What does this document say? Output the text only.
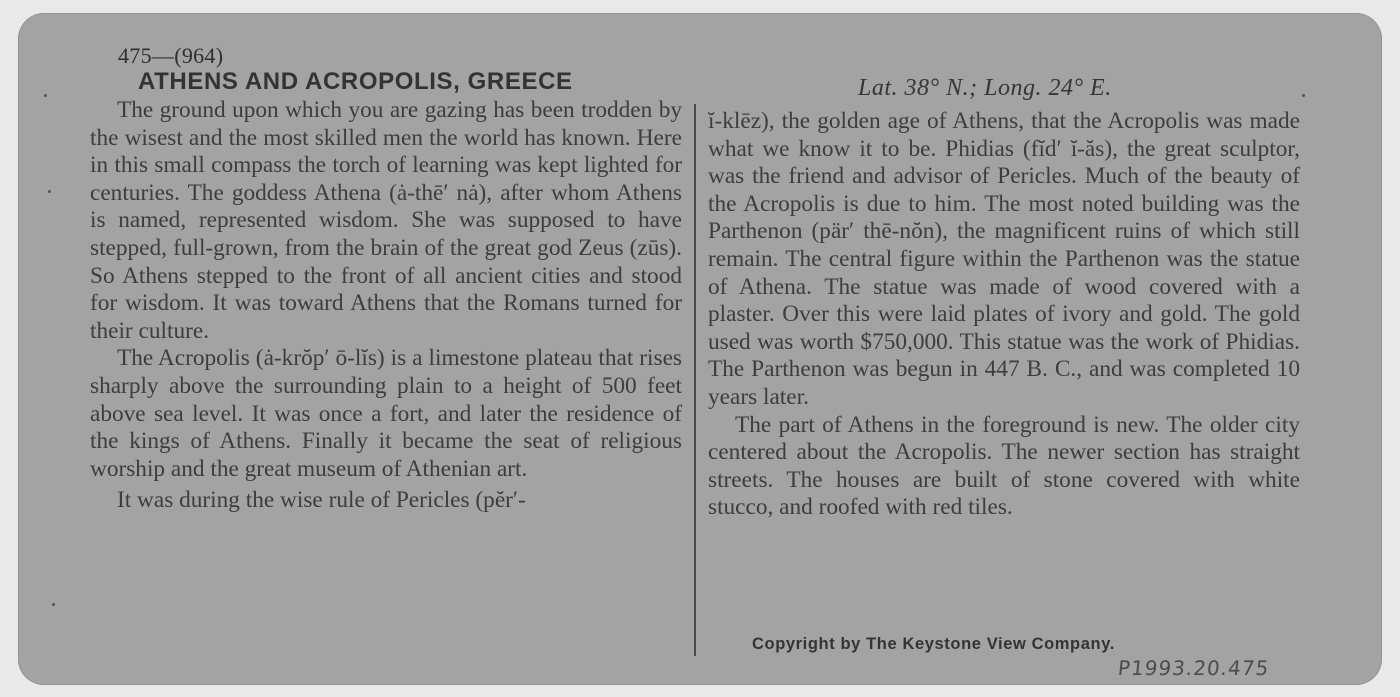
475—(964)
ATHENS AND ACROPOLIS, GREECE	Lat. 38° N.; Long. 24° E.

The ground upon which you are gazing has been trodden by the wisest and the most skilled men the world has known. Here in this small compass the torch of learning was kept lighted for centuries. The goddess Athena (ȧ-thē′ nȧ), after whom Athens is named, represented wisdom. She was supposed to have stepped, full-grown, from the brain of the great god Zeus (zūs). So Athens stepped to the front of all ancient cities and stood for wisdom. It was toward Athens that the Romans turned for their culture.

The Acropolis (ȧ-krŏp′ ō-lĭs) is a limestone plateau that rises sharply above the surrounding plain to a height of 500 feet above sea level. It was once a fort, and later the residence of the kings of Athens. Finally it became the seat of religious worship and the great museum of Athenian art.

It was during the wise rule of Pericles (pĕr′-

ĭ-klēz), the golden age of Athens, that the Acropolis was made what we know it to be. Phidias (fĭd′ ĭ-ăs), the great sculptor, was the friend and advisor of Pericles. Much of the beauty of the Acropolis is due to him. The most noted building was the Parthenon (pär′ thē-nŏn), the magnificent ruins of which still remain. The central figure within the Parthenon was the statue of Athena. The statue was made of wood covered with a plaster. Over this were laid plates of ivory and gold. The gold used was worth $750,000. This statue was the work of Phidias. The Parthenon was begun in 447 B. C., and was completed 10 years later.

The part of Athens in the foreground is new. The older city centered about the Acropolis. The newer section has straight streets. The houses are built of stone covered with white stucco, and roofed with red tiles.

Copyright by The Keystone View Company.
P1993.20.475
